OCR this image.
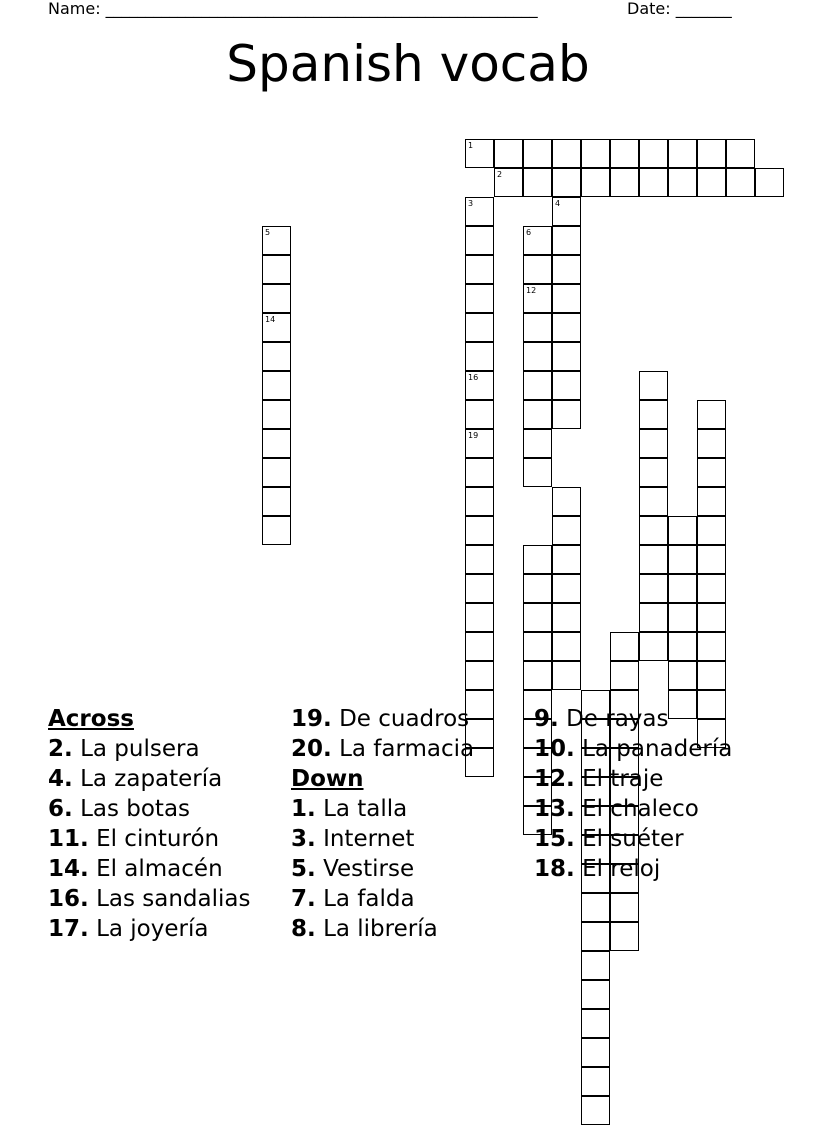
Name: ______________________________________________________	Date: _______
Spanish vocab
1
2
3
16
19
4
5
14
6
12
Across
2. La pulsera
4. La zapatería
6. Las botas
11. El cinturón
14. El almacén
16. Las sandalias
17. La joyería
19. De cuadros
20. La farmacia
Down
1. La talla
3. Internet
5. Vestirse
7. La falda
8. La librería
9. De rayas
10. La panadería
12. El traje
13. El chaleco
15. El suéter
18. El reloj
